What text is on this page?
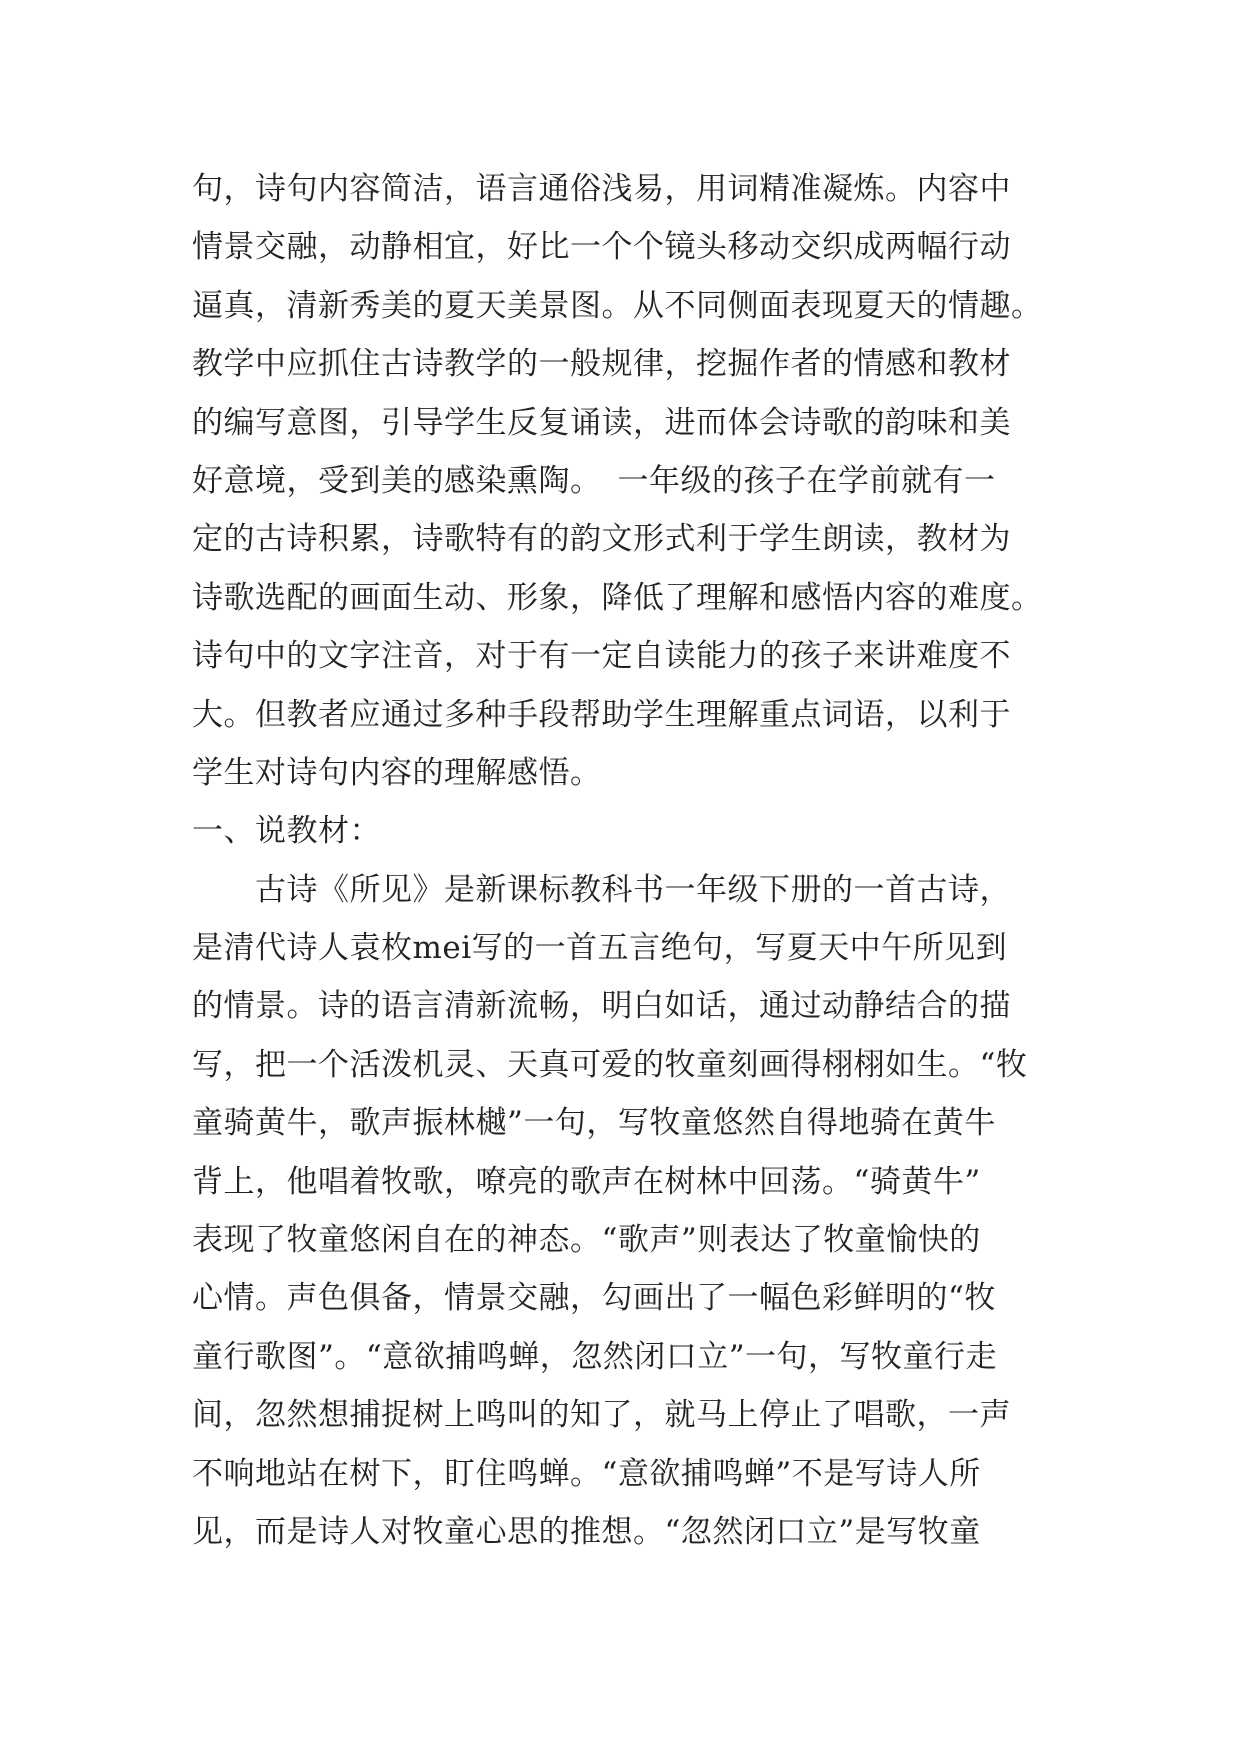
句，诗句内容简洁，语言通俗浅易，用词精准凝炼。内容中
情景交融，动静相宜，好比一个个镜头移动交织成两幅行动
逼真，清新秀美的夏天美景图。从不同侧面表现夏天的情趣。
教学中应抓住古诗教学的一般规律，挖掘作者的情感和教材
的编写意图，引导学生反复诵读，进而体会诗歌的韵味和美
好意境，受到美的感染熏陶。　一年级的孩子在学前就有一
定的古诗积累，诗歌特有的韵文形式利于学生朗读，教材为
诗歌选配的画面生动、形象，降低了理解和感悟内容的难度。
诗句中的文字注音，对于有一定自读能力的孩子来讲难度不
大。但教者应通过多种手段帮助学生理解重点词语，以利于
学生对诗句内容的理解感悟。
一、说教材：
　　古诗《所见》是新课标教科书一年级下册的一首古诗，
是清代诗人袁枚mei写的一首五言绝句，写夏天中午所见到
的情景。诗的语言清新流畅，明白如话，通过动静结合的描
写，把一个活泼机灵、天真可爱的牧童刻画得栩栩如生。“牧
童骑黄牛，歌声振林樾”一句，写牧童悠然自得地骑在黄牛
背上，他唱着牧歌，嘹亮的歌声在树林中回荡。“骑黄牛”
表现了牧童悠闲自在的神态。“歌声”则表达了牧童愉快的
心情。声色俱备，情景交融，勾画出了一幅色彩鲜明的“牧
童行歌图”。“意欲捕鸣蝉，忽然闭口立”一句，写牧童行走
间，忽然想捕捉树上鸣叫的知了，就马上停止了唱歌，一声
不响地站在树下，盯住鸣蝉。“意欲捕鸣蝉”不是写诗人所
见，而是诗人对牧童心思的推想。“忽然闭口立”是写牧童
